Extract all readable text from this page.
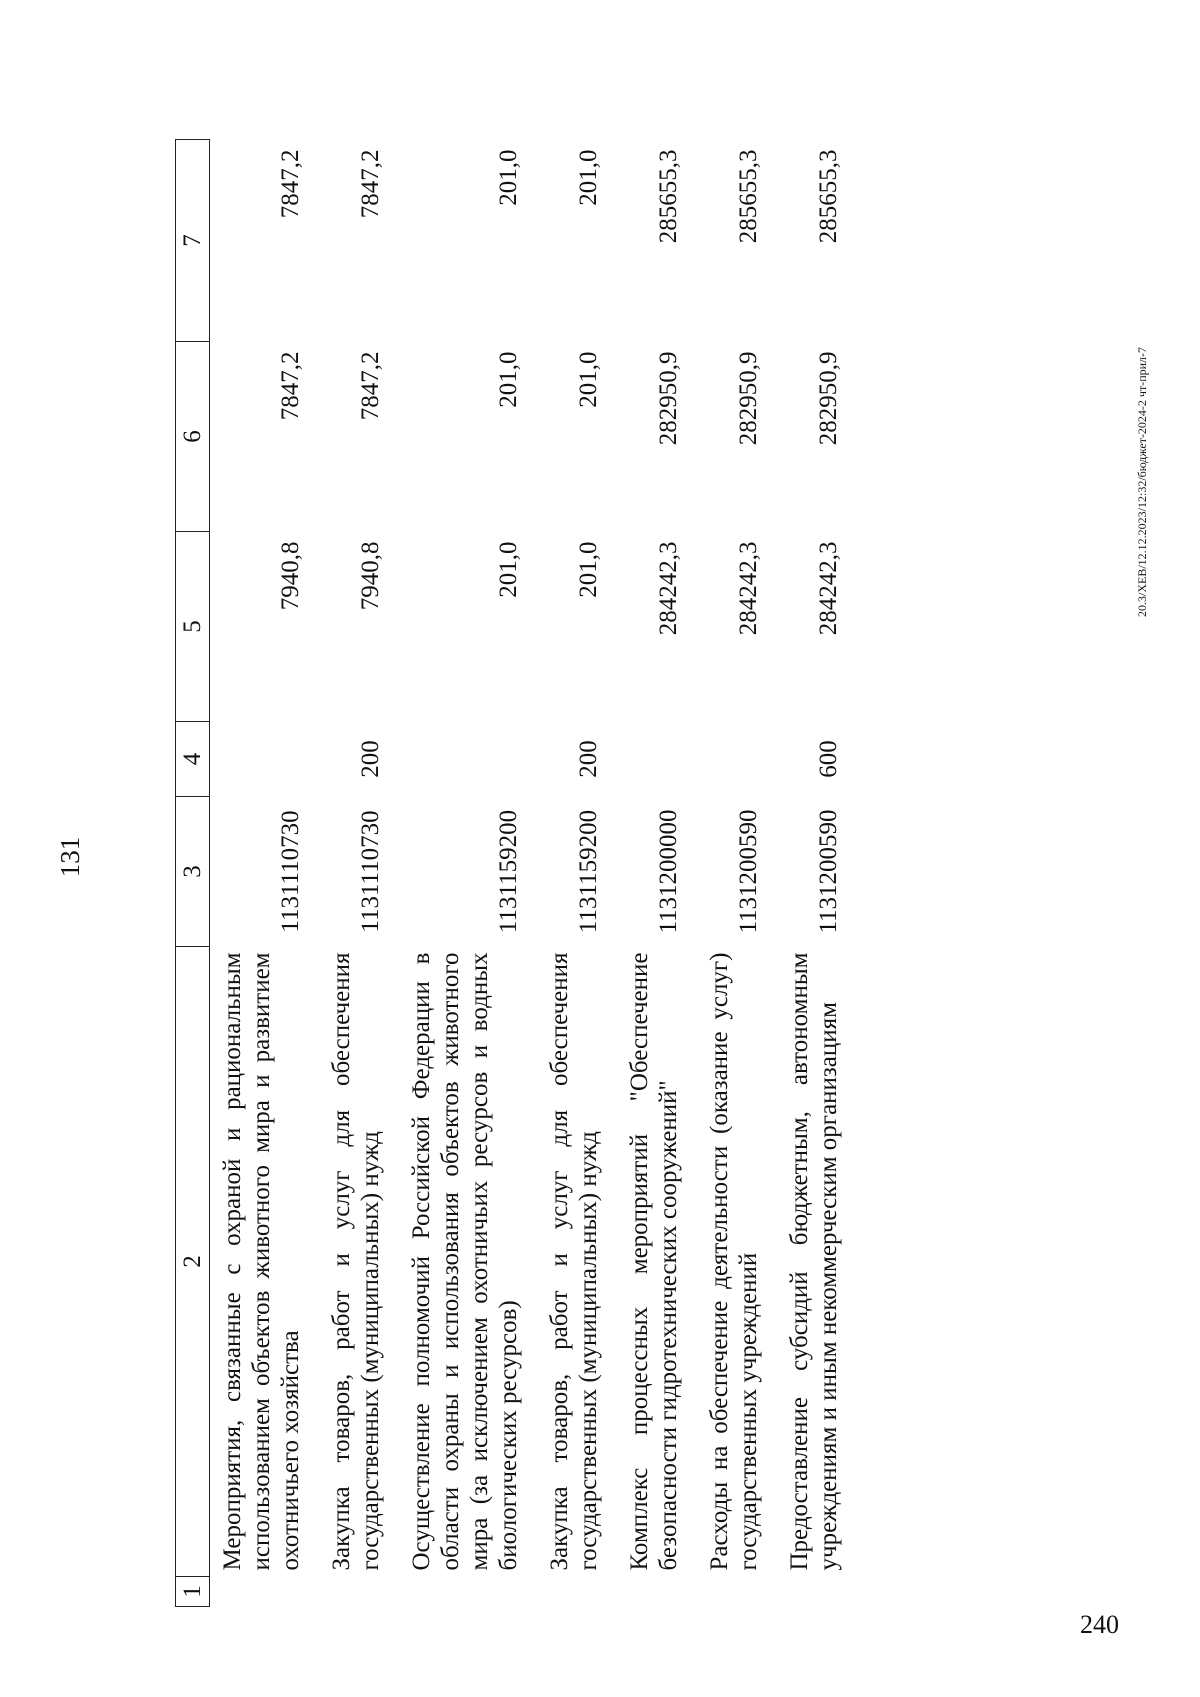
131
1	2	3	4	5	6	7
	Мероприятия, связанные с охраной и рациональным использованием объектов животного мира и развитием охотничьего хозяйства	1131110730		7940,8	7847,2	7847,2
	Закупка товаров, работ и услуг для обеспечения государственных (муниципальных) нужд	1131110730	200	7940,8	7847,2	7847,2
	Осуществление полномочий Российской Федерации в области охраны и использования объектов животного мира (за исключением охотничьих ресурсов и водных биологических ресурсов)	1131159200		201,0	201,0	201,0
	Закупка товаров, работ и услуг для обеспечения государственных (муниципальных) нужд	1131159200	200	201,0	201,0	201,0
	Комплекс процессных мероприятий "Обеспечение безопасности гидротехнических сооружений"	1131200000		284242,3	282950,9	285655,3
	Расходы на обеспечение деятельности (оказание услуг) государственных учреждений	1131200590		284242,3	282950,9	285655,3
	Предоставление субсидий бюджетным, автономным учреждениям и иным некоммерческим организациям	1131200590	600	284242,3	282950,9	285655,3
20.3/ХЕВ/12.12.2023/12:32/бюджет-2024-2 чт-прил-7
240
